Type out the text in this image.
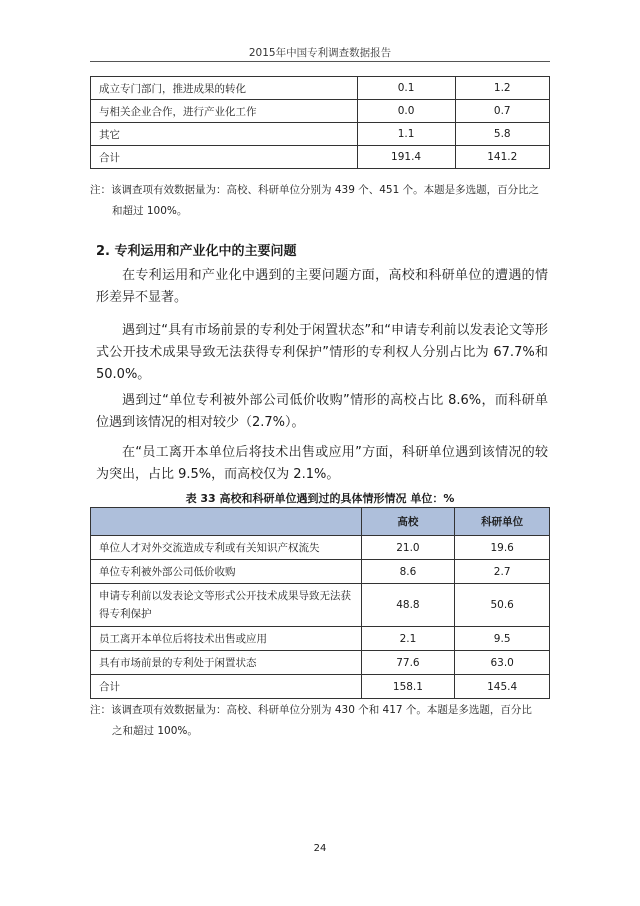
2015年中国专利调查数据报告
成立专门部门，推进成果的转化	0.1	1.2
与相关企业合作，进行产业化工作	0.0	0.7
其它	1.1	5.8
合计	191.4	141.2
注：该调查项有效数据量为：高校、科研单位分别为 439 个、451 个。本题是多选题，百分比之
和超过 100%。
2. 专利运用和产业化中的主要问题
在专利运用和产业化中遇到的主要问题方面，高校和科研单位的遭遇的情形差异不显著。
遇到过“具有市场前景的专利处于闲置状态”和“申请专利前以发表论文等形式公开技术成果导致无法获得专利保护”情形的专利权人分别占比为 67.7%和 50.0%。
遇到过“单位专利被外部公司低价收购”情形的高校占比 8.6%，而科研单位遇到该情况的相对较少（2.7%）。
在“员工离开本单位后将技术出售或应用”方面，科研单位遇到该情况的较为突出，占比 9.5%，而高校仅为 2.1%。
表 33 高校和科研单位遇到过的具体情形情况 单位：%
	高校	科研单位
单位人才对外交流造成专利或有关知识产权流失	21.0	19.6
单位专利被外部公司低价收购	8.6	2.7
申请专利前以发表论文等形式公开技术成果导致无法获得专利保护	48.8	50.6
员工离开本单位后将技术出售或应用	2.1	9.5
具有市场前景的专利处于闲置状态	77.6	63.0
合计	158.1	145.4
注：该调查项有效数据量为：高校、科研单位分别为 430 个和 417 个。本题是多选题，百分比
之和超过 100%。
24
